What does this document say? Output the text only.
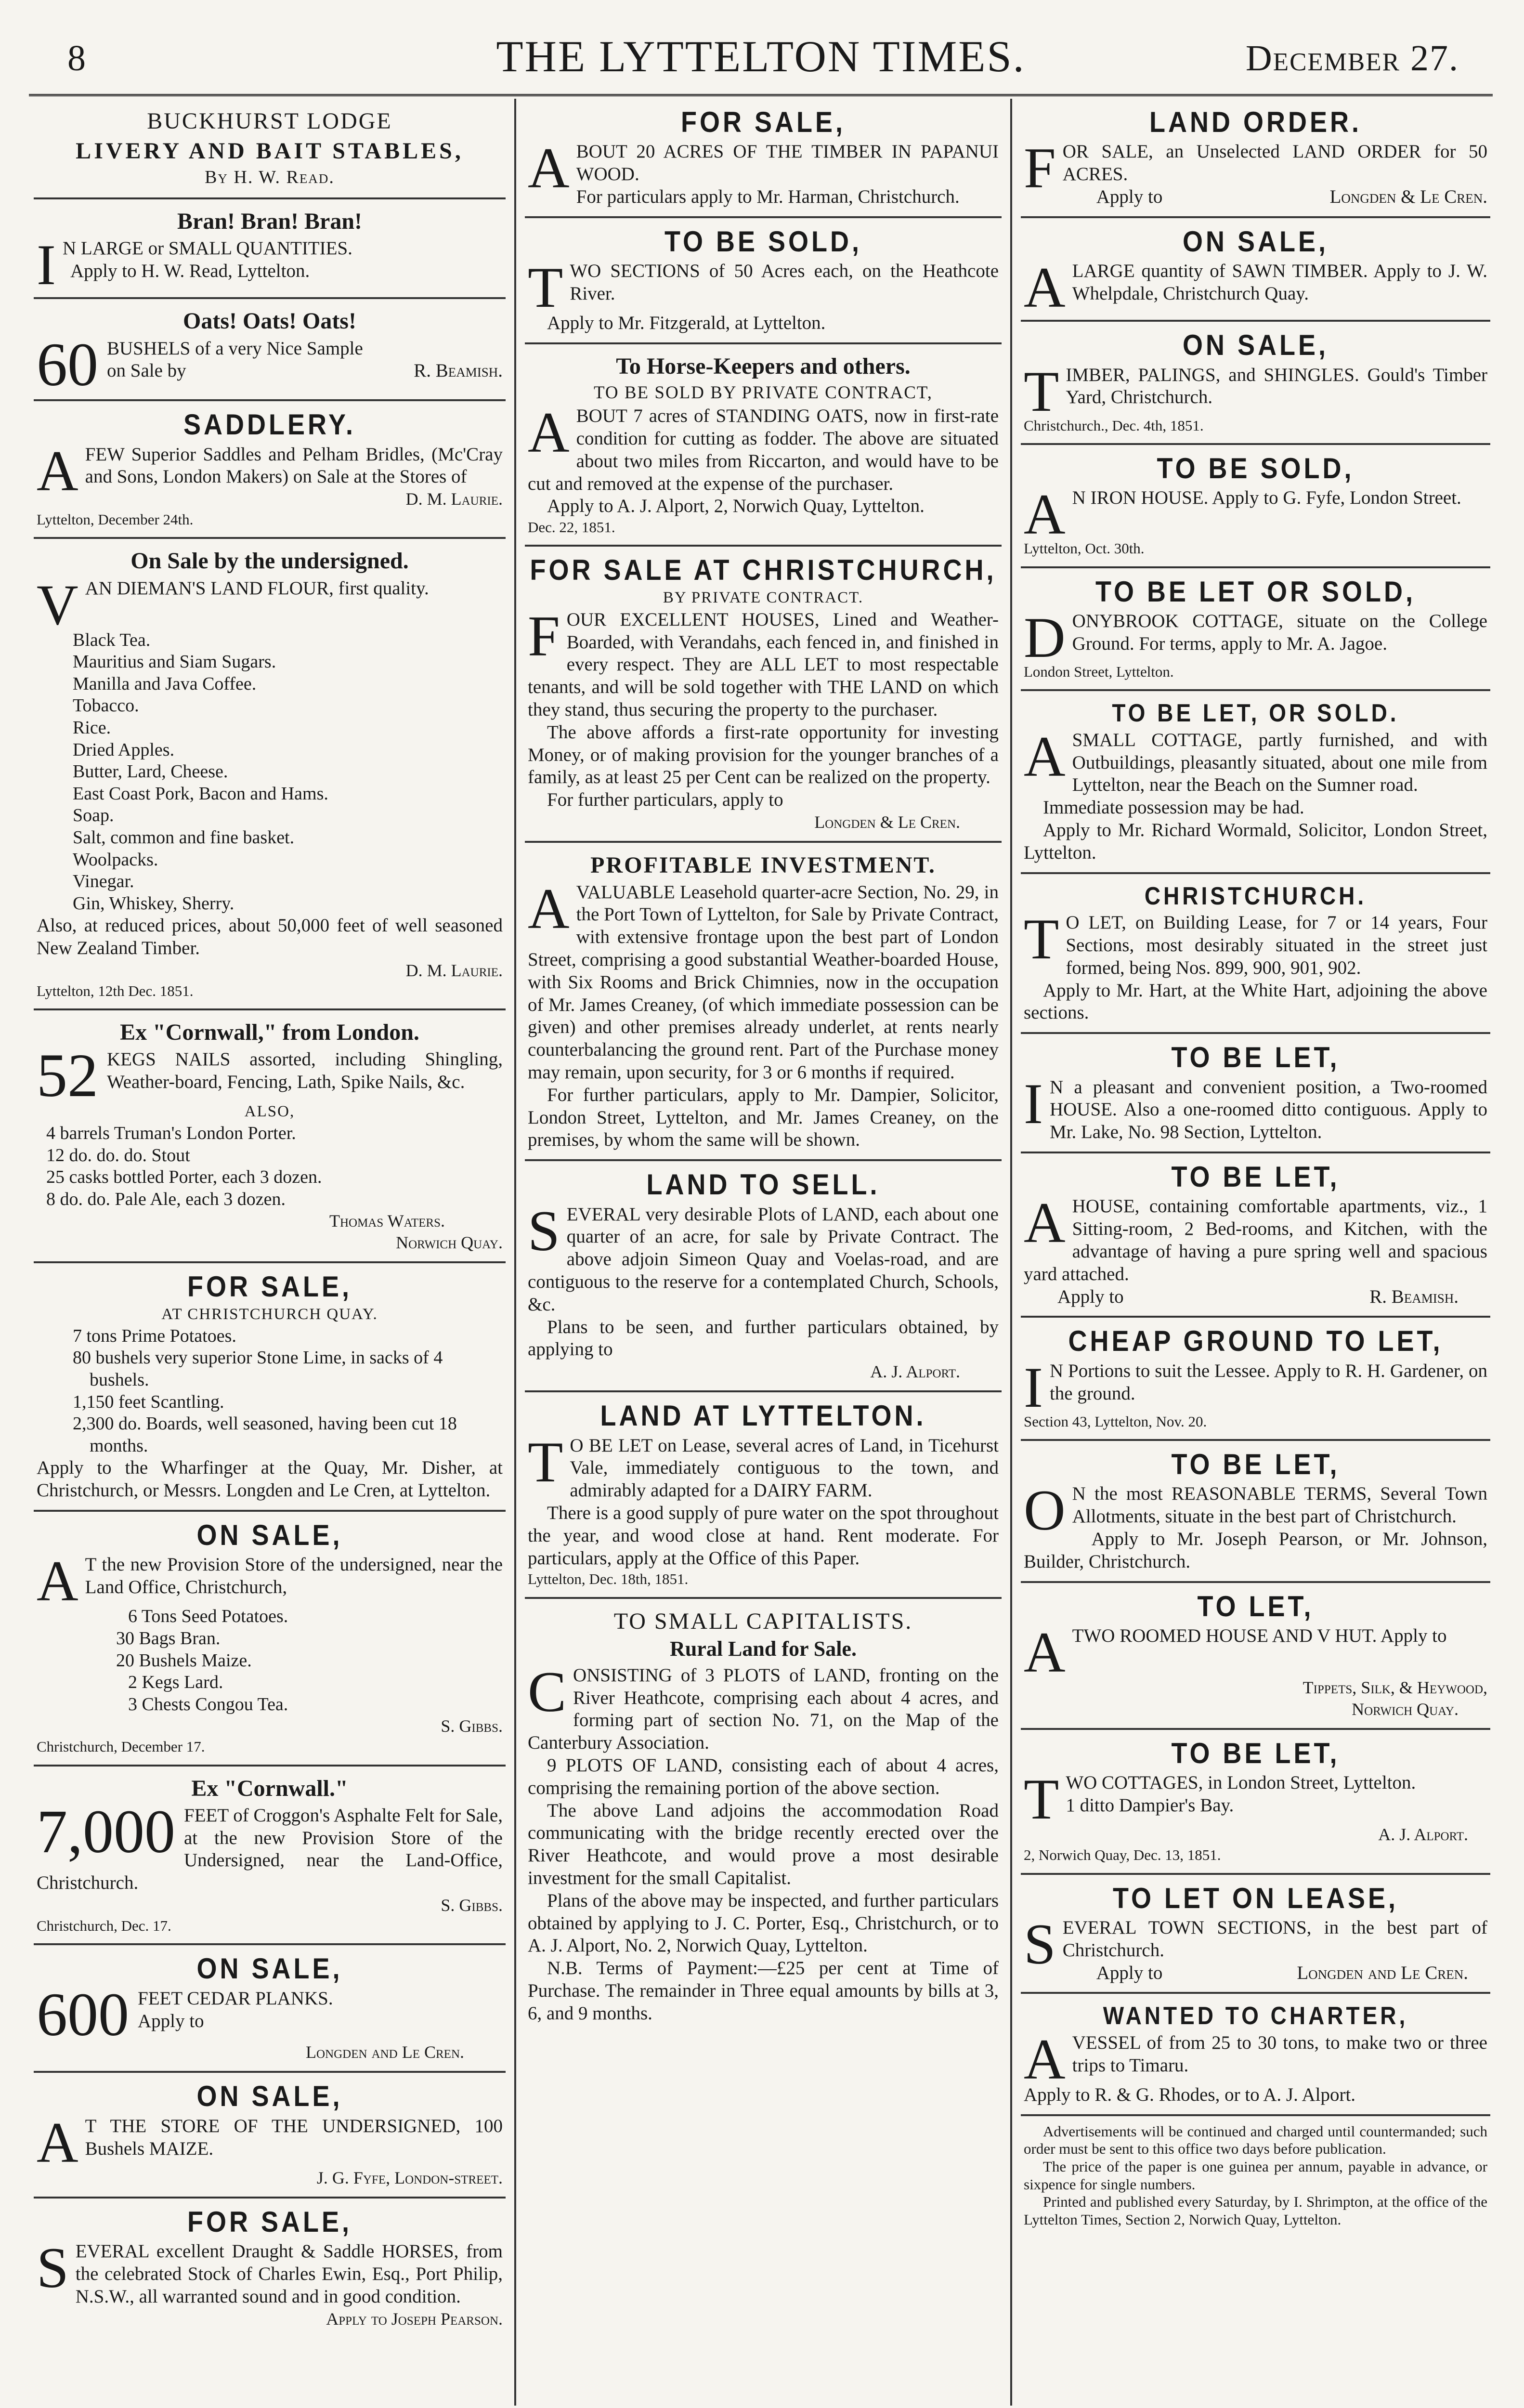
8	THE LYTTELTON TIMES.	December 27.
BUCKHURST LODGE
LIVERY AND BAIT STABLES,
By H. W. Read.
Bran! Bran! Bran!

I N LARGE or SMALL QUANTITIES.

Apply to H. W. Read, Lyttelton.

Oats! Oats! Oats!
60 BUSHELS of a very Nice Sample

on Sale by	R. Beamish.

SADDLERY.

AFEW Superior Saddles and Pelham Bridles, (Mc'Cray and Sons, London Makers) on Sale at the Stores of

D. M. Laurie.
Lyttelton, December 24th.
On Sale by the undersigned.

VAN DIEMAN'S LAND FLOUR, first quality.

Black Tea.
Mauritius and Siam Sugars.
Manilla and Java Coffee.
Tobacco.
Rice.
Dried Apples.
Butter, Lard, Cheese.
East Coast Pork, Bacon and Hams.
Soap.
Salt, common and fine basket.
Woolpacks.
Vinegar.
Gin, Whiskey, Sherry.

Also, at reduced prices, about 50,000 feet of well seasoned New Zealand Timber.

D. M. Laurie.
Lyttelton, 12th Dec. 1851.
Ex "Cornwall," from London.
52 KEGS NAILS assorted, including Shingling, Weather-board, Fencing, Lath, Spike Nails, &c.

ALSO,
4 barrels Truman's London Porter.
12 do. do. do. Stout
25 casks bottled Porter, each 3 dozen.
8 do. do. Pale Ale, each 3 dozen.
Thomas Waters.
Norwich Quay.
FOR SALE,
AT CHRISTCHURCH QUAY.
7 tons Prime Potatoes.
80 bushels very superior Stone Lime, in sacks of 4 bushels.
1,150 feet Scantling.
2,300 do. Boards, well seasoned, having been cut 18 months.

Apply to the Wharfinger at the Quay, Mr. Disher, at Christchurch, or Messrs. Longden and Le Cren, at Lyttelton.

ON SALE,

A T the new Provision Store of the undersigned, near the Land Office, Christchurch,

6 Tons Seed Potatoes.
30 Bags Bran.
20 Bushels Maize.
2 Kegs Lard.
3 Chests Congou Tea.
S. Gibbs.
Christchurch, December 17.
Ex "Cornwall."
7,000 FEET of Croggon's Asphalte Felt for Sale, at the new Provision Store of the Undersigned, near the Land-Office, Christchurch.

S. Gibbs.
Christchurch, Dec. 17.
ON SALE,
600 FEET CEDAR PLANKS.

Apply to

Longden and Le Cren.
ON SALE,

A T THE STORE OF THE UNDERSIGNED, 100 Bushels MAIZE.

J. G. Fyfe, London-street.
FOR SALE,

SEVERAL excellent Draught & Saddle HORSES, from the celebrated Stock of Charles Ewin, Esq., Port Philip, N.S.W., all warranted sound and in good condition.

Apply to Joseph Pearson.
FOR SALE,

ABOUT 20 ACRES OF THE TIMBER IN PAPANUI WOOD.

For particulars apply to Mr. Harman, Christchurch.

TO BE SOLD,

TWO SECTIONS of 50 Acres each, on the Heathcote River.

Apply to Mr. Fitzgerald, at Lyttelton.

To Horse-Keepers and others.
TO BE SOLD BY PRIVATE CONTRACT,

ABOUT 7 acres of STANDING OATS, now in first-rate condition for cutting as fodder. The above are situated about two miles from Riccarton, and would have to be cut and removed at the expense of the purchaser.

Apply to A. J. Alport, 2, Norwich Quay, Lyttelton.

Dec. 22, 1851.
FOR SALE AT CHRISTCHURCH,
BY PRIVATE CONTRACT.

FOUR EXCELLENT HOUSES, Lined and Weather-Boarded, with Verandahs, each fenced in, and finished in every respect. They are ALL LET to most respectable tenants, and will be sold together with THE LAND on which they stand, thus securing the property to the purchaser.

The above affords a first-rate opportunity for investing Money, or of making provision for the younger branches of a family, as at least 25 per Cent can be realized on the property.

For further particulars, apply to

Longden & Le Cren.
PROFITABLE INVESTMENT.

AVALUABLE Leasehold quarter-acre Section, No. 29, in the Port Town of Lyttelton, for Sale by Private Contract, with extensive frontage upon the best part of London Street, comprising a good substantial Weather-boarded House, with Six Rooms and Brick Chimnies, now in the occupation of Mr. James Creaney, (of which immediate possession can be given) and other premises already underlet, at rents nearly counterbalancing the ground rent. Part of the Purchase money may remain, upon security, for 3 or 6 months if required.

For further particulars, apply to Mr. Dampier, Solicitor, London Street, Lyttelton, and Mr. James Creaney, on the premises, by whom the same will be shown.

LAND TO SELL.

SEVERAL very desirable Plots of LAND, each about one quarter of an acre, for sale by Private Contract. The above adjoin Simeon Quay and Voelas-road, and are contiguous to the reserve for a contemplated Church, Schools, &c.

Plans to be seen, and further particulars obtained, by applying to

A. J. Alport.
LAND AT LYTTELTON.

T O BE LET on Lease, several acres of Land, in Ticehurst Vale, immediately contiguous to the town, and admirably adapted for a DAIRY FARM.

There is a good supply of pure water on the spot throughout the year, and wood close at hand. Rent moderate. For particulars, apply at the Office of this Paper.

Lyttelton, Dec. 18th, 1851.
TO SMALL CAPITALISTS.
Rural Land for Sale.

CONSISTING of 3 PLOTS of LAND, fronting on the River Heathcote, comprising each about 4 acres, and forming part of section No. 71, on the Map of the Canterbury Association.

9 PLOTS OF LAND, consisting each of about 4 acres, comprising the remaining portion of the above section.

The above Land adjoins the accommodation Road communicating with the bridge recently erected over the River Heathcote, and would prove a most desirable investment for the small Capitalist.

Plans of the above may be inspected, and further particulars obtained by applying to J. C. Porter, Esq., Christchurch, or to A. J. Alport, No. 2, Norwich Quay, Lyttelton.

N.B. Terms of Payment:—£25 per cent at Time of Purchase. The remainder in Three equal amounts by bills at 3, 6, and 9 months.

LAND ORDER.

FOR SALE, an Unselected LAND ORDER for 50 ACRES.

Apply to	Longden & Le Cren.

ON SALE,

ALARGE quantity of SAWN TIMBER. Apply to J. W. Whelpdale, Christchurch Quay.

ON SALE,

TIMBER, PALINGS, and SHINGLES. Gould's Timber Yard, Christchurch.

Christchurch., Dec. 4th, 1851.
TO BE SOLD,

A N IRON HOUSE. Apply to G. Fyfe, London Street.

Lyttelton, Oct. 30th.
TO BE LET OR SOLD,

DONYBROOK COTTAGE, situate on the College Ground. For terms, apply to Mr. A. Jagoe.

London Street, Lyttelton.
TO BE LET, OR SOLD.

ASMALL COTTAGE, partly furnished, and with Outbuildings, pleasantly situated, about one mile from Lyttelton, near the Beach on the Sumner road.

Immediate possession may be had.

Apply to Mr. Richard Wormald, Solicitor, London Street, Lyttelton.

CHRISTCHURCH.

T O LET, on Building Lease, for 7 or 14 years, Four Sections, most desirably situated in the street just formed, being Nos. 899, 900, 901, 902.

Apply to Mr. Hart, at the White Hart, adjoining the above sections.

TO BE LET,

I N a pleasant and convenient position, a Two-roomed HOUSE. Also a one-roomed ditto contiguous. Apply to Mr. Lake, No. 98 Section, Lyttelton.

TO BE LET,

AHOUSE, containing comfortable apartments, viz., 1 Sitting-room, 2 Bed-rooms, and Kitchen, with the advantage of having a pure spring well and spacious yard attached.

Apply to	R. Beamish.

CHEAP GROUND TO LET,

I N Portions to suit the Lessee. Apply to R. H. Gardener, on the ground.

Section 43, Lyttelton, Nov. 20.
TO BE LET,

O N the most REASONABLE TERMS, Several Town Allotments, situate in the best part of Christchurch.

Apply to Mr. Joseph Pearson, or Mr. Johnson, Builder, Christchurch.

TO LET,

ATWO ROOMED HOUSE AND V HUT. Apply to

Tippets, Silk, & Heywood,
Norwich Quay.
TO BE LET,

TWO COTTAGES, in London Street, Lyttelton.

1 ditto Dampier's Bay.

A. J. Alport.
2, Norwich Quay, Dec. 13, 1851.
TO LET ON LEASE,

SEVERAL TOWN SECTIONS, in the best part of Christchurch.

Apply to	Longden and Le Cren.

WANTED TO CHARTER,

AVESSEL of from 25 to 30 tons, to make two or three trips to Timaru.

Apply to R. & G. Rhodes, or to A. J. Alport.

Advertisements will be continued and charged until countermanded; such order must be sent to this office two days before publication.

The price of the paper is one guinea per annum, payable in advance, or sixpence for single numbers.

Printed and published every Saturday, by I. Shrimpton, at the office of the Lyttelton Times, Section 2, Norwich Quay, Lyttelton.
